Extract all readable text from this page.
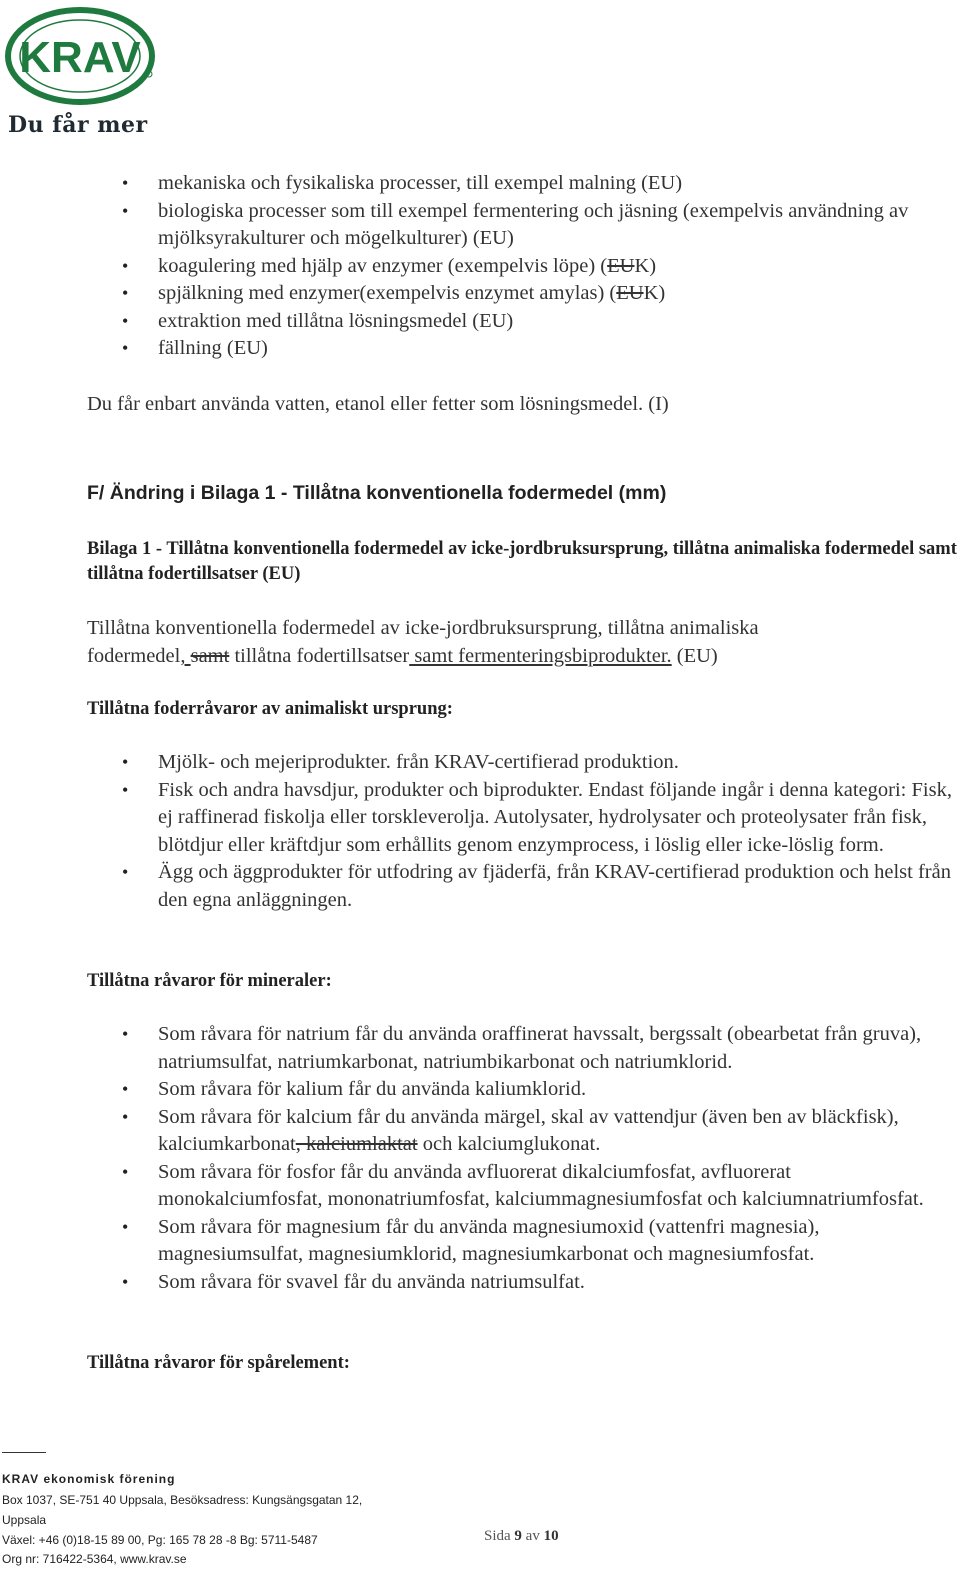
KRAV
Du får mer
• mekaniska och fysikaliska processer, till exempel malning (EU)
• biologiska processer som till exempel fermentering och jäsning (exempelvis användning av mjölksyrakulturer och mögelkulturer) (EU)
• koagulering med hjälp av enzymer (exempelvis löpe) (EUK)
• spjälkning med enzymer(exempelvis enzymet amylas) (EUK)
• extraktion med tillåtna lösningsmedel (EU)
• fällning (EU)

Du får enbart använda vatten, etanol eller fetter som lösningsmedel. (I)

F/ Ändring i Bilaga 1 - Tillåtna konventionella fodermedel (mm)

Bilaga 1 - Tillåtna konventionella fodermedel av icke-jordbruksursprung, tillåtna animaliska fodermedel samt tillåtna fodertillsatser (EU)

Tillåtna konventionella fodermedel av icke-jordbruksursprung, tillåtna animaliska
fodermedel, samt tillåtna fodertillsatser samt fermenteringsbiprodukter. (EU)

Tillåtna foderråvaror av animaliskt ursprung:

• Mjölk- och mejeriprodukter. från KRAV-certifierad produktion.
• Fisk och andra havsdjur, produkter och biprodukter. Endast följande ingår i denna kategori: Fisk, ej raffinerad fiskolja eller torskleverolja. Autolysater, hydrolysater och proteolysater från fisk, blötdjur eller kräftdjur som erhållits genom enzymprocess, i löslig eller icke-löslig form.
• Ägg och äggprodukter för utfodring av fjäderfä, från KRAV-certifierad produktion och helst från den egna anläggningen.

Tillåtna råvaror för mineraler:

• Som råvara för natrium får du använda oraffinerat havssalt, bergssalt (obearbetat från gruva), natriumsulfat, natriumkarbonat, natriumbikarbonat och natriumklorid.
• Som råvara för kalium får du använda kaliumklorid.
• Som råvara för kalcium får du använda märgel, skal av vattendjur (även ben av bläckfisk), kalciumkarbonat, kalciumlaktat och kalciumglukonat.
• Som råvara för fosfor får du använda avfluorerat dikalciumfosfat, avfluorerat monokalciumfosfat, mononatriumfosfat, kalciummagnesiumfosfat och kalciumnatriumfosfat.
• Som råvara för magnesium får du använda magnesiumoxid (vattenfri magnesia), magnesiumsulfat, magnesiumklorid, magnesiumkarbonat och magnesiumfosfat.
• Som råvara för svavel får du använda natriumsulfat.

Tillåtna råvaror för spårelement:

KRAV ekonomisk förening
Box 1037, SE-751 40 Uppsala, Besöksadress: Kungsängsgatan 12,
Uppsala
Växel: +46 (0)18-15 89 00, Pg: 165 78 28 -8 Bg: 5711-5487
Org nr: 716422-5364, www.krav.se
Sida 9 av 10
